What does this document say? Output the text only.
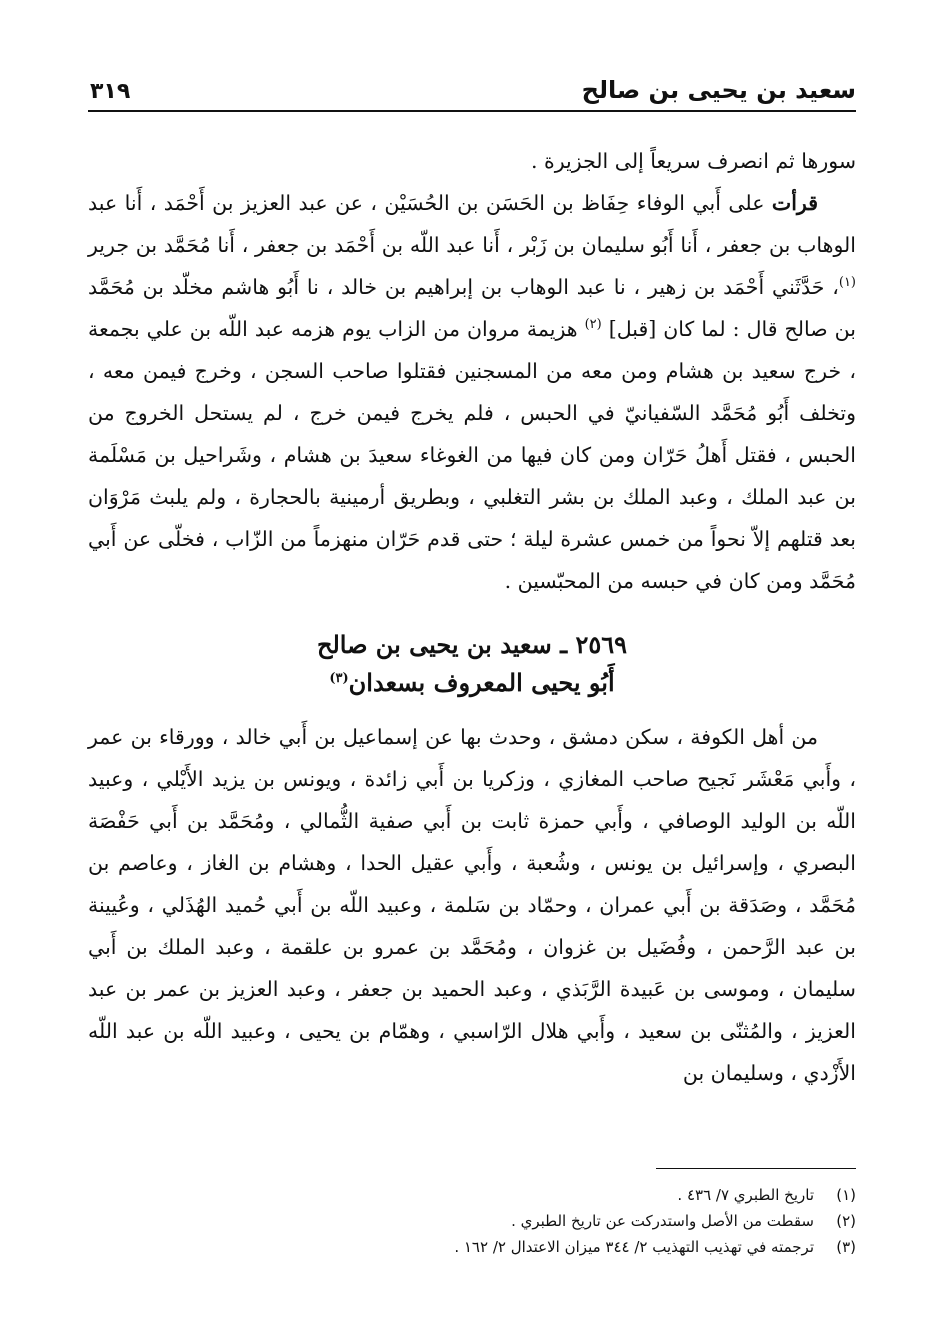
سعيد بن يحيى بن صالح
٣١٩

سورها ثم انصرف سريعاً إلى الجزيرة .

قرأت على أَبي الوفاء حِفَاظ بن الحَسَن بن الحُسَيْن ، عن عبد العزيز بن أَحْمَد ، أَنا عبد الوهاب بن جعفر ، أَنا أَبُو سليمان بن زَبْر ، أَنا عبد اللّه بن أَحْمَد بن جعفر ، أَنا مُحَمَّد بن جرير $^{(١)}$، حَدَّثَني أَحْمَد بن زهير ، نا عبد الوهاب بن إبراهيم بن خالد ، نا أَبُو هاشم مخلّد بن مُحَمَّد بن صالح قال : لما كان [قبل] $^{(٢)}$ هزيمة مروان من الزاب يوم هزمه عبد اللّه بن علي بجمعة ، خرج سعيد بن هشام ومن معه من المسجنين فقتلوا صاحب السجن ، وخرج فيمن معه ، وتخلف أَبُو مُحَمَّد السّفيانيّ في الحبس ، فلم يخرج فيمن خرج ، لم يستحل الخروج من الحبس ، فقتل أَهلُ حَرّان ومن كان فيها من الغوغاء سعيدَ بن هشام ، وشَراحيل بن مَسْلَمة بن عبد الملك ، وعبد الملك بن بشر التغلبي ، وبطريق أرمينية بالحجارة ، ولم يلبث مَرْوَان بعد قتلهم إلاّ نحواً من خمس عشرة ليلة ؛ حتى قدم حَرّان منهزماً من الزّاب ، فخلّى عن أَبي مُحَمَّد ومن كان في حبسه من المحبّسين .

٢٥٦٩ ـ سعيد بن يحيى بن صالح
أَبُو يحيى المعروف بسعدان$^{(٣)}$

من أهل الكوفة ، سكن دمشق ، وحدث بها عن إسماعيل بن أَبي خالد ، وورقاء بن عمر ، وأَبي مَعْشَر نَجيح صاحب المغازي ، وزكريا بن أَبي زائدة ، ويونس بن يزيد الأَيْلي ، وعبيد اللّه بن الوليد الوصافي ، وأَبي حمزة ثابت بن أَبي صفية الثُّمالي ، ومُحَمَّد بن أَبي حَفْصَة البصري ، وإسرائيل بن يونس ، وشُعبة ، وأَبي عقيل الحدا ، وهشام بن الغاز ، وعاصم بن مُحَمَّد ، وصَدَقة بن أَبي عمران ، وحمّاد بن سَلمة ، وعبيد اللّه بن أَبي حُميد الهُذَلي ، وعُيينة بن عبد الرَّحمن ، وفُضَيل بن غزوان ، ومُحَمَّد بن عمرو بن علقمة ، وعبد الملك بن أَبي سليمان ، وموسى بن عَبيدة الرَّبَذي ، وعبد الحميد بن جعفر ، وعبد العزيز بن عمر بن عبد العزيز ، والمُثنّى بن سعيد ، وأَبي هلال الرّاسبي ، وهمّام بن يحيى ، وعبيد اللّه بن عبد اللّه الأَزْدي ، وسليمان بن

(١)
تاريخ الطبري ٧/ ٤٣٦ .
(٢)
سقطت من الأصل واستدركت عن تاريخ الطبري .
(٣)
ترجمته في تهذيب التهذيب ٢/ ٣٤٤ ميزان الاعتدال ٢/ ١٦٢ .
